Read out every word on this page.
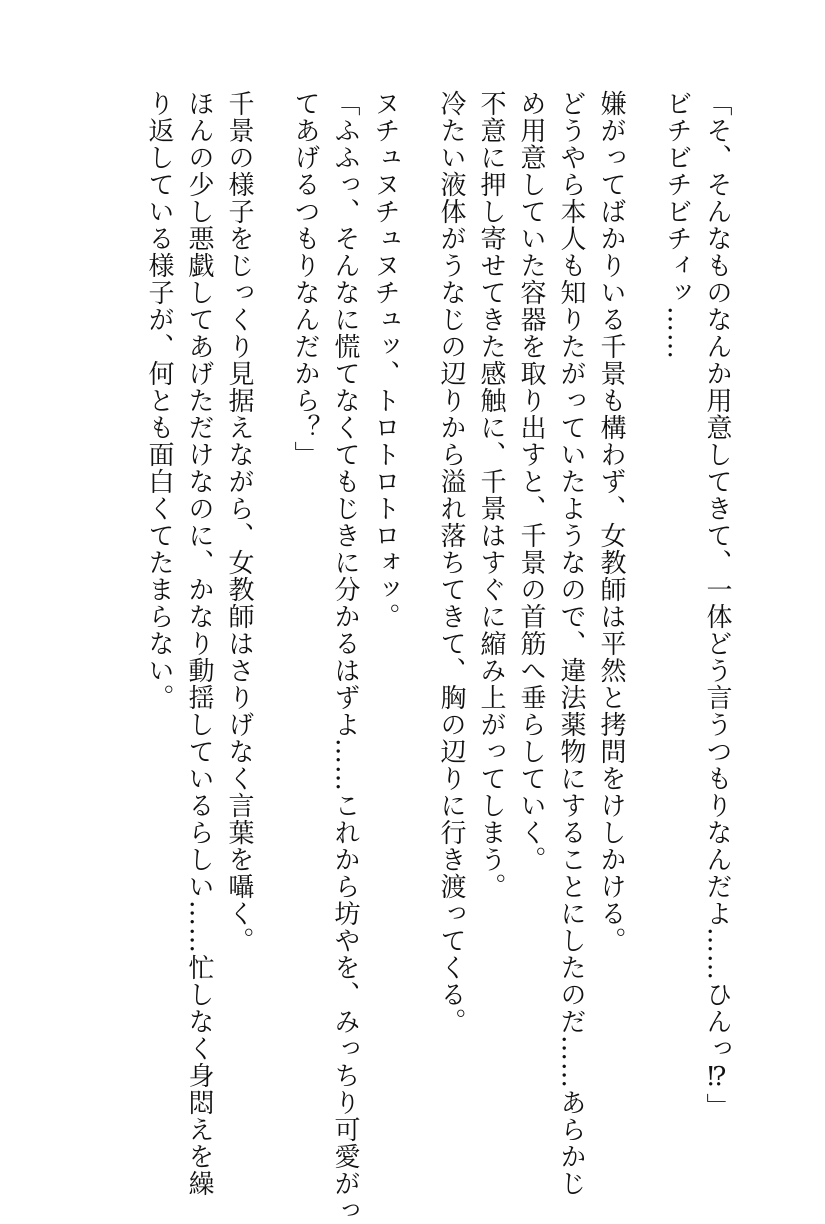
「そ、そんなものなんか用意してきて、一体どう言うつもりなんだよ……ひんっ⁉」
ビチビチビチィッ……
嫌がってばかりいる千景も構わず、女教師は平然と拷問をけしかける。
どうやら本人も知りたがっていたようなので、違法薬物にすることにしたのだ……あらかじ
め用意していた容器を取り出すと、千景の首筋へ垂らしていく。
不意に押し寄せてきた感触に、千景はすぐに縮み上がってしまう。
冷たい液体がうなじの辺りから溢れ落ちてきて、胸の辺りに行き渡ってくる。
ヌチュヌチュヌチュッ、トロトロトロォッ。
「ふふっ、そんなに慌てなくてもじきに分かるはずよ……これから坊やを、みっちり可愛がっ
てあげるつもりなんだから？」
千景の様子をじっくり見据えながら、女教師はさりげなく言葉を囁く。
ほんの少し悪戯してあげただけなのに、かなり動揺しているらしい……忙しなく身悶えを繰
り返している様子が、何とも面白くてたまらない。
